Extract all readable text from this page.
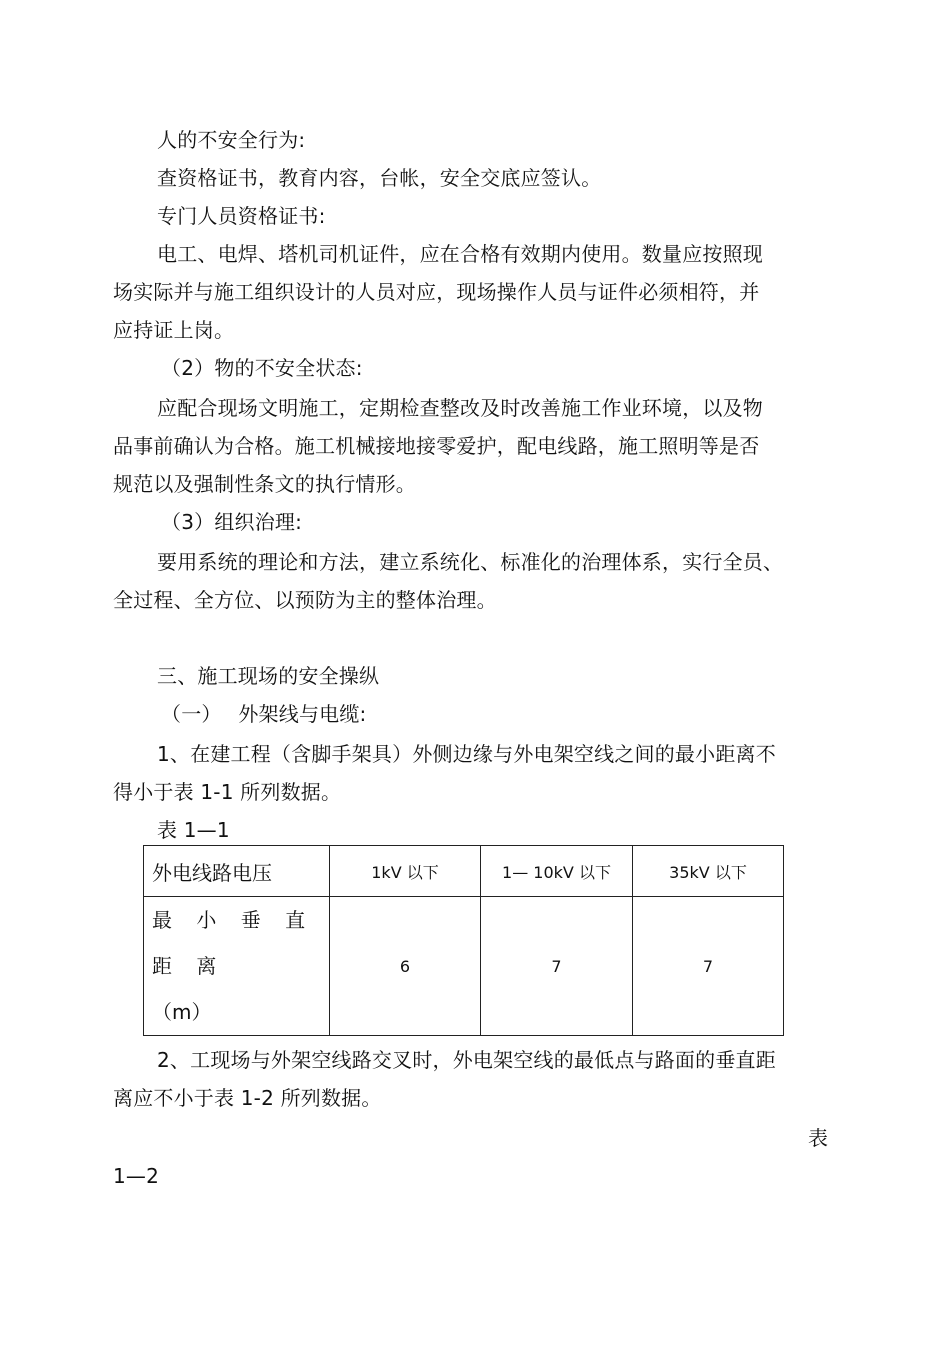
人的不安全行为:
查资格证书，教育内容，台帐，安全交底应签认。
专门人员资格证书:
电工、电焊、塔机司机证件，应在合格有效期内使用。数量应按照现
场实际并与施工组织设计的人员对应，现场操作人员与证件必须相符，并
应持证上岗。
（2）物的不安全状态:
应配合现场文明施工，定期检查整改及时改善施工作业环境，以及物
品事前确认为合格。施工机械接地接零爱护，配电线路，施工照明等是否
规范以及强制性条文的执行情形。
（3）组织治理:
要用系统的理论和方法，建立系统化、标准化的治理体系，实行全员、
全过程、全方位、以预防为主的整体治理。
三、施工现场的安全操纵
（一）　 外架线与电缆:
1、在建工程（含脚手架具）外侧边缘与外电架空线之间的最小距离不
得小于表 1-1 所列数据。
表 1—1
外电线路电压	1kV 以下	1— 10kV 以下	35kV 以下

最 小 垂 直 距 离
（m）	6	7	7
2、工现场与外架空线路交叉时，外电架空线的最低点与路面的垂直距
离应不小于表 1-2 所列数据。
表
1—2
